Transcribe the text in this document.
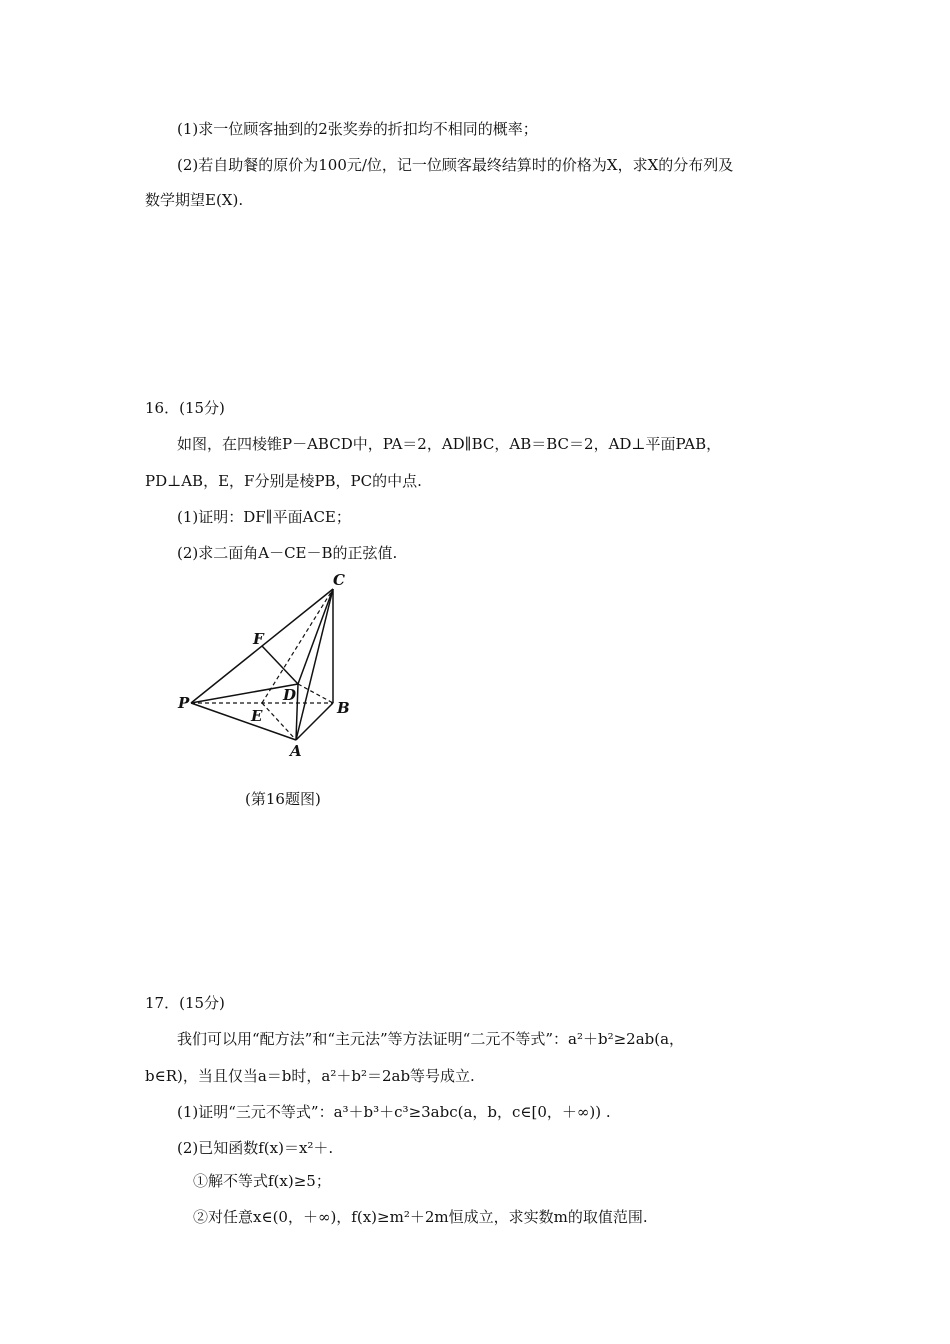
(1)求一位顾客抽到的2张奖券的折扣均不相同的概率；
(2)若自助餐的原价为100元/位，记一位顾客最终结算时的价格为X，求X的分布列及
数学期望E(X).
16．(15分)
如图，在四棱锥P－ABCD中，PA＝2，AD∥BC，AB＝BC＝2，AD⊥平面PAB，
PD⊥AB，E，F分别是棱PB，PC的中点.
(1)证明：DF∥平面ACE；
(2)求二面角A－CE－B的正弦值.
C
F
D
P
E	B
A
(第16题图)
17．(15分)
我们可以用“配方法”和“主元法”等方法证明“二元不等式”：a²＋b²≥2ab(a，
b∈R)，当且仅当a＝b时，a²＋b²＝2ab等号成立.
(1)证明“三元不等式”：a³＋b³＋c³≥3abc(a，b，c∈[0，＋∞)) .
(2)已知函数f(x)＝x²＋.
①解不等式f(x)≥5；
②对任意x∈(0，＋∞)，f(x)≥m²＋2m恒成立，求实数m的取值范围.
